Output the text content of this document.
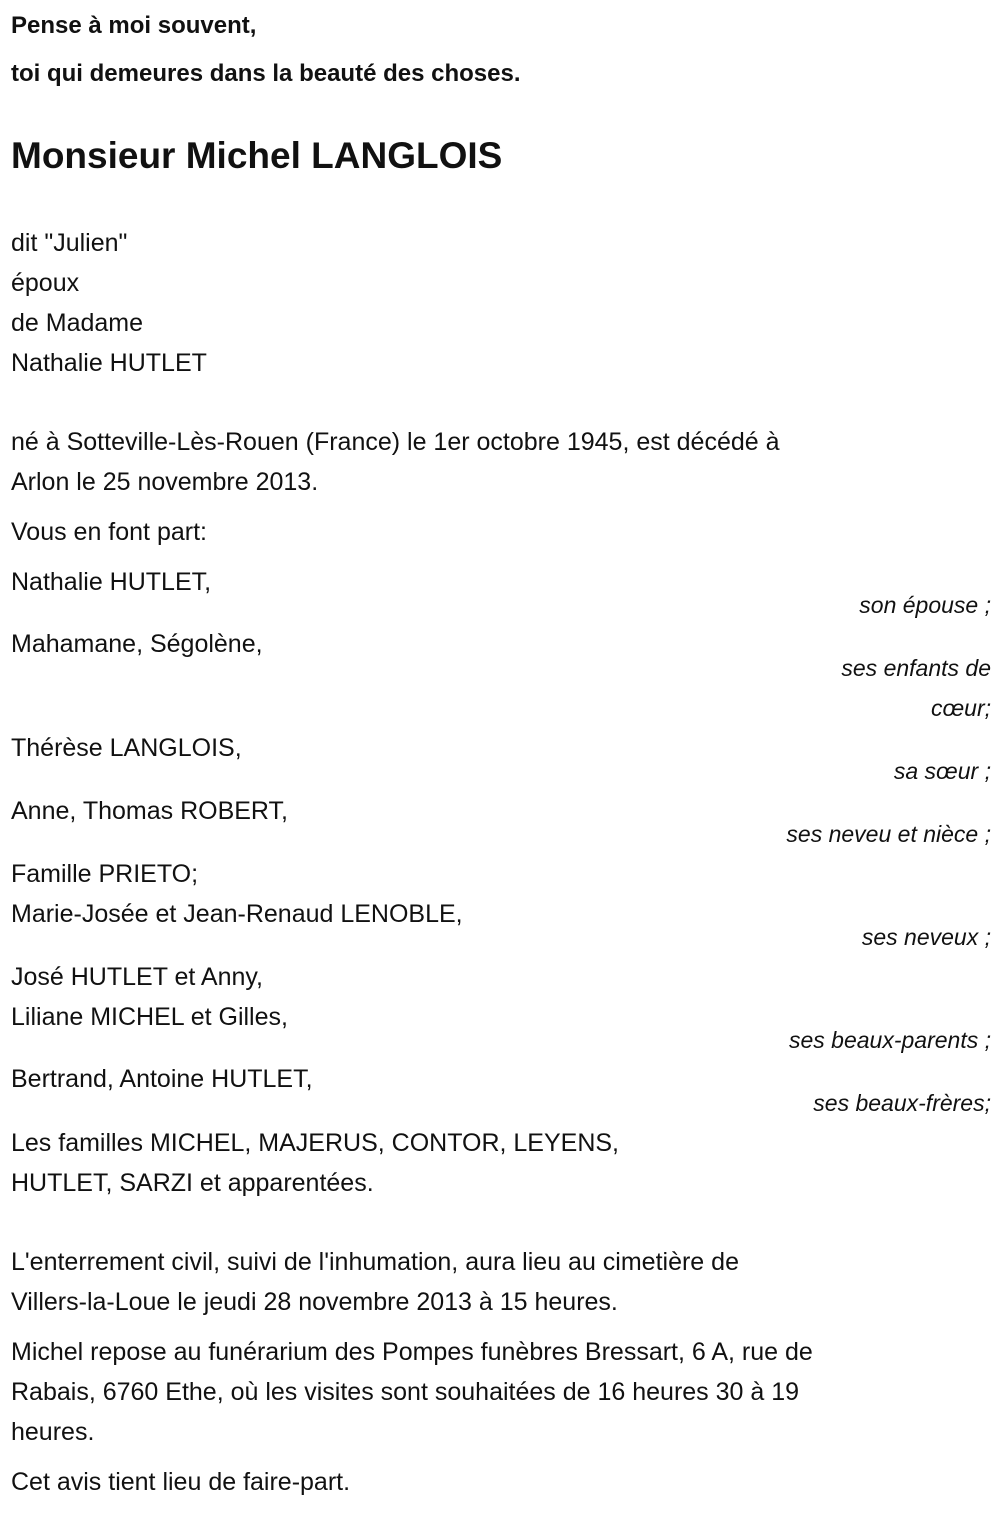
Pense à moi souvent,

toi qui demeures dans la beauté des choses.

Monsieur Michel LANGLOIS
dit "Julien"
époux
de Madame
Nathalie HUTLET
né à Sotteville-Lès-Rouen (France) le 1er octobre 1945, est décédé à
Arlon le 25 novembre 2013.

Vous en font part:

Nathalie HUTLET,
son épouse ;
Mahamane, Ségolène,
ses enfants de
cœur;
Thérèse LANGLOIS,
sa sœur ;
Anne, Thomas ROBERT,
ses neveu et nièce ;
Famille PRIETO;
Marie-Josée et Jean-Renaud LENOBLE,
ses neveux ;
José HUTLET et Anny,
Liliane MICHEL et Gilles,
ses beaux-parents ;
Bertrand, Antoine HUTLET,
ses beaux-frères;
Les familles MICHEL, MAJERUS, CONTOR, LEYENS,
HUTLET, SARZI et apparentées.
L'enterrement civil, suivi de l'inhumation, aura lieu au cimetière de
Villers-la-Loue le jeudi 28 novembre 2013 à 15 heures.
Michel repose au funérarium des Pompes funèbres Bressart, 6 A, rue de
Rabais, 6760 Ethe, où les visites sont souhaitées de 16 heures 30 à 19
heures.

Cet avis tient lieu de faire-part.
